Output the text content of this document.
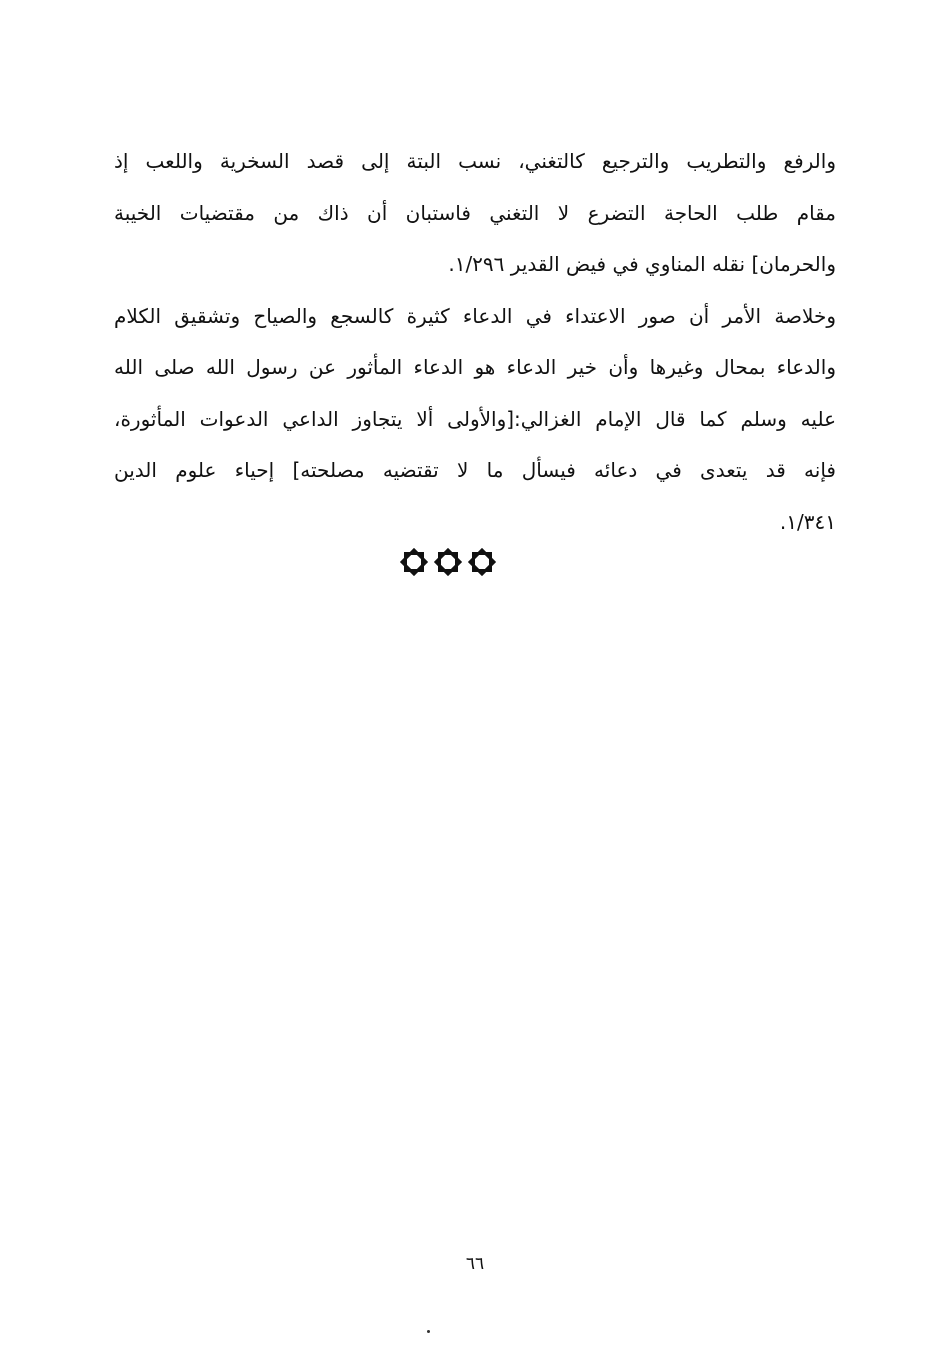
والرفع والتطريب والترجيع كالتغني، نسب البتة إلى قصد السخرية واللعب إذ
مقام طلب الحاجة التضرع لا التغني فاستبان أن ذاك من مقتضيات الخيبة
والحرمان] نقله المناوي في فيض القدير ١/٢٩٦.
وخلاصة الأمر أن صور الاعتداء في الدعاء كثيرة كالسجع والصياح وتشقيق الكلام
والدعاء بمحال وغيرها وأن خير الدعاء هو الدعاء المأثور عن رسول الله صلى الله
عليه وسلم كما قال الإمام الغزالي:[والأولى ألا يتجاوز الداعي الدعوات المأثورة،
فإنه قد يتعدى في دعائه فيسأل ما لا تقتضيه مصلحته] إحياء علوم الدين
١/٣٤١.
٦٦
